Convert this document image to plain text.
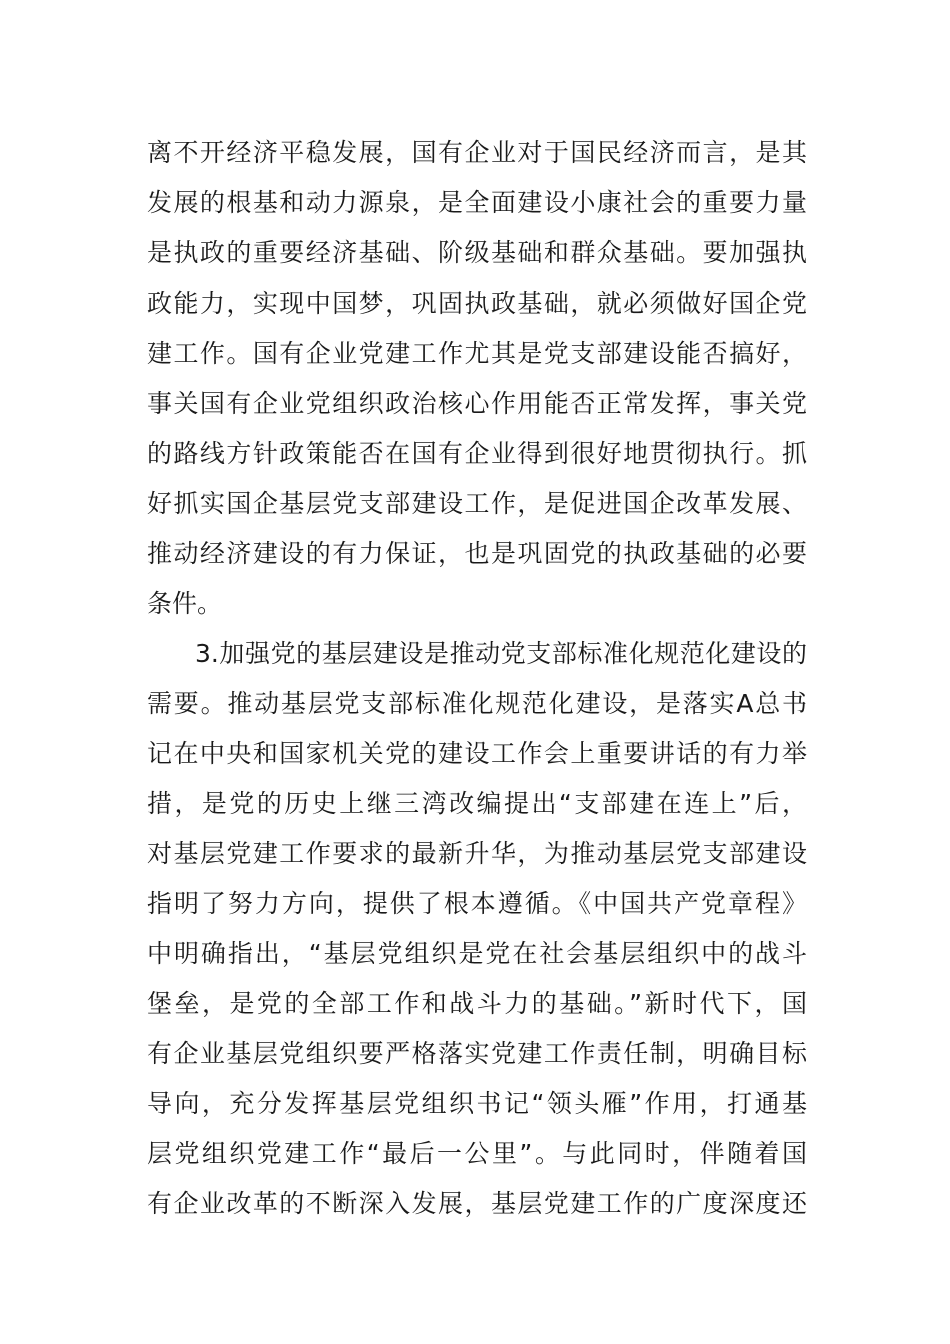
离不开经济平稳发展，国有企业对于国民经济而言，是其
发展的根基和动力源泉，是全面建设小康社会的重要力量
是执政的重要经济基础、阶级基础和群众基础。要加强执
政能力，实现中国梦，巩固执政基础，就必须做好国企党
建工作。国有企业党建工作尤其是党支部建设能否搞好，
事关国有企业党组织政治核心作用能否正常发挥，事关党
的路线方针政策能否在国有企业得到很好地贯彻执行。抓
好抓实国企基层党支部建设工作，是促进国企改革发展、
推动经济建设的有力保证，也是巩固党的执政基础的必要
条件。
3.加强党的基层建设是推动党支部标准化规范化建设的
需要。推动基层党支部标准化规范化建设，是落实A总书
记在中央和国家机关党的建设工作会上重要讲话的有力举
措，是党的历史上继三湾改编提出“支部建在连上”后，
对基层党建工作要求的最新升华，为推动基层党支部建设
指明了努力方向，提供了根本遵循。《中国共产党章程》
中明确指出，“基层党组织是党在社会基层组织中的战斗
堡垒，是党的全部工作和战斗力的基础。”新时代下，国
有企业基层党组织要严格落实党建工作责任制，明确目标
导向，充分发挥基层党组织书记“领头雁”作用，打通基
层党组织党建工作“最后一公里”。与此同时，伴随着国
有企业改革的不断深入发展，基层党建工作的广度深度还
